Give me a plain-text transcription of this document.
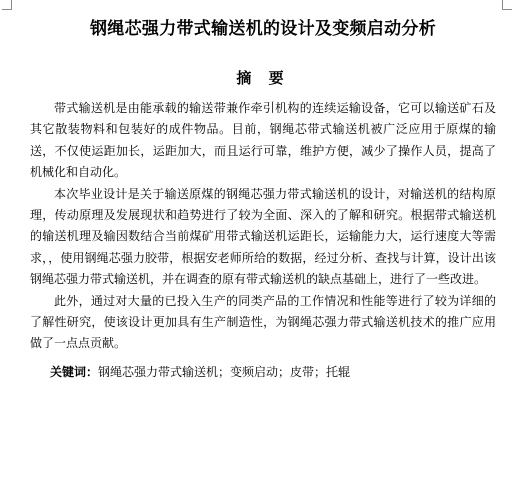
钢绳芯强力带式输送机的设计及变频启动分析
摘 要

带式输送机是由能承载的输送带兼作牵引机构的连续运输设备，它可以输送矿石及其它散装物料和包装好的成件物品。目前，钢绳芯带式输送机被广泛应用于原煤的输送，不仅使运距加长，运距加大，而且运行可靠，维护方便，减少了操作人员，提高了机械化和自动化。

本次毕业设计是关于输送原煤的钢绳芯强力带式输送机的设计，对输送机的结构原理，传动原理及发展现状和趋势进行了较为全面、深入的了解和研究。根据带式输送机的输送机理及输因数结合当前煤矿用带式输送机运距长，运输能力大，运行速度大等需求，，使用钢绳芯强力胶带，根据安老师所给的数据，经过分析、查找与计算，设计出该钢绳芯强力带式输送机，并在调查的原有带式输送机的缺点基础上，进行了一些改进。

此外，通过对大量的已投入生产的同类产品的工作情况和性能等进行了较为详细的了解性研究，使该设计更加具有生产制造性，为钢绳芯强力带式输送机技术的推广应用做了一点点贡献。

关键词：钢绳芯强力带式输送机；变频启动；皮带；托辊
